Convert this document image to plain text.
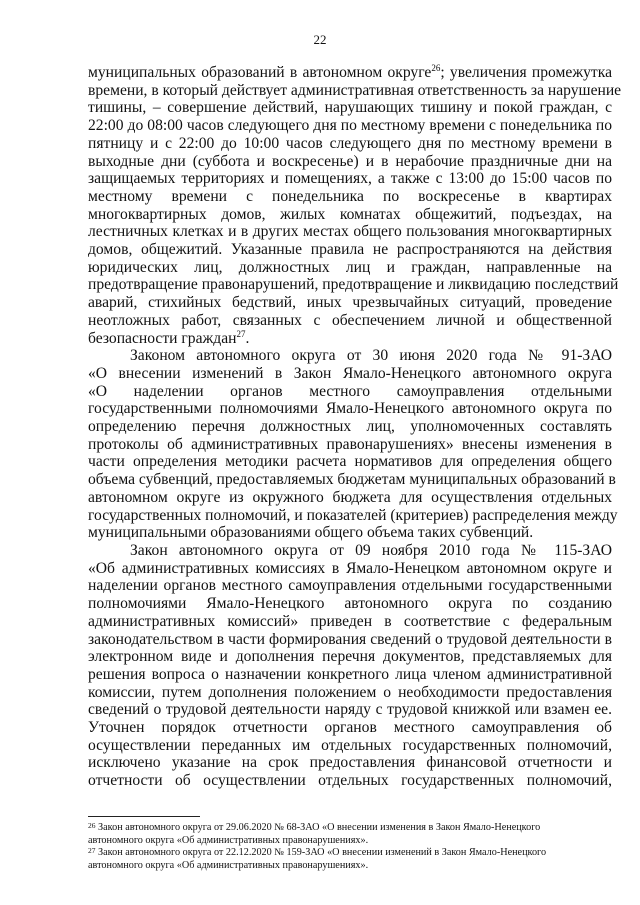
22
муниципальных образований в автономном округе$^{26}$; увеличения промежутка
времени, в который действует административная ответственность за нарушение
тишины, – совершение действий, нарушающих тишину и покой граждан, с
22:00 до 08:00 часов следующего дня по местному времени с понедельника по
пятницу и с 22:00 до 10:00 часов следующего дня по местному времени в
выходные дни (суббота и воскресенье) и в нерабочие праздничные дни на
защищаемых территориях и помещениях, а также с 13:00 до 15:00 часов по
местному времени с понедельника по воскресенье в квартирах
многоквартирных домов, жилых комнатах общежитий, подъездах, на
лестничных клетках и в других местах общего пользования многоквартирных
домов, общежитий. Указанные правила не распространяются на действия
юридических лиц, должностных лиц и граждан, направленные на
предотвращение правонарушений, предотвращение и ликвидацию последствий
аварий, стихийных бедствий, иных чрезвычайных ситуаций, проведение
неотложных работ, связанных с обеспечением личной и общественной
безопасности граждан$^{27}$.
Законом автономного округа от 30 июня 2020 года № 91-ЗАО
«О внесении изменений в Закон Ямало-Ненецкого автономного округа
«О наделении органов местного самоуправления отдельными
государственными полномочиями Ямало-Ненецкого автономного округа по
определению перечня должностных лиц, уполномоченных составлять
протоколы об административных правонарушениях» внесены изменения в
части определения методики расчета нормативов для определения общего
объема субвенций, предоставляемых бюджетам муниципальных образований в
автономном округе из окружного бюджета для осуществления отдельных
государственных полномочий, и показателей (критериев) распределения между
муниципальными образованиями общего объема таких субвенций.
Закон автономного округа от 09 ноября 2010 года № 115-ЗАО
«Об административных комиссиях в Ямало-Ненецком автономном округе и
наделении органов местного самоуправления отдельными государственными
полномочиями Ямало-Ненецкого автономного округа по созданию
административных комиссий» приведен в соответствие с федеральным
законодательством в части формирования сведений о трудовой деятельности в
электронном виде и дополнения перечня документов, представляемых для
решения вопроса о назначении конкретного лица членом административной
комиссии, путем дополнения положением о необходимости предоставления
сведений о трудовой деятельности наряду с трудовой книжкой или взамен ее.
Уточнен порядок отчетности органов местного самоуправления об
осуществлении переданных им отдельных государственных полномочий,
исключено указание на срок предоставления финансовой отчетности и
отчетности об осуществлении отдельных государственных полномочий,
$^{26}$ Закон автономного округа от 29.06.2020 № 68-ЗАО «О внесении изменения в Закон Ямало-Ненецкого
автономного округа «Об административных правонарушениях».
$^{27}$ Закон автономного округа от 22.12.2020 № 159-ЗАО «О внесении изменений в Закон Ямало-Ненецкого
автономного округа «Об административных правонарушениях».
